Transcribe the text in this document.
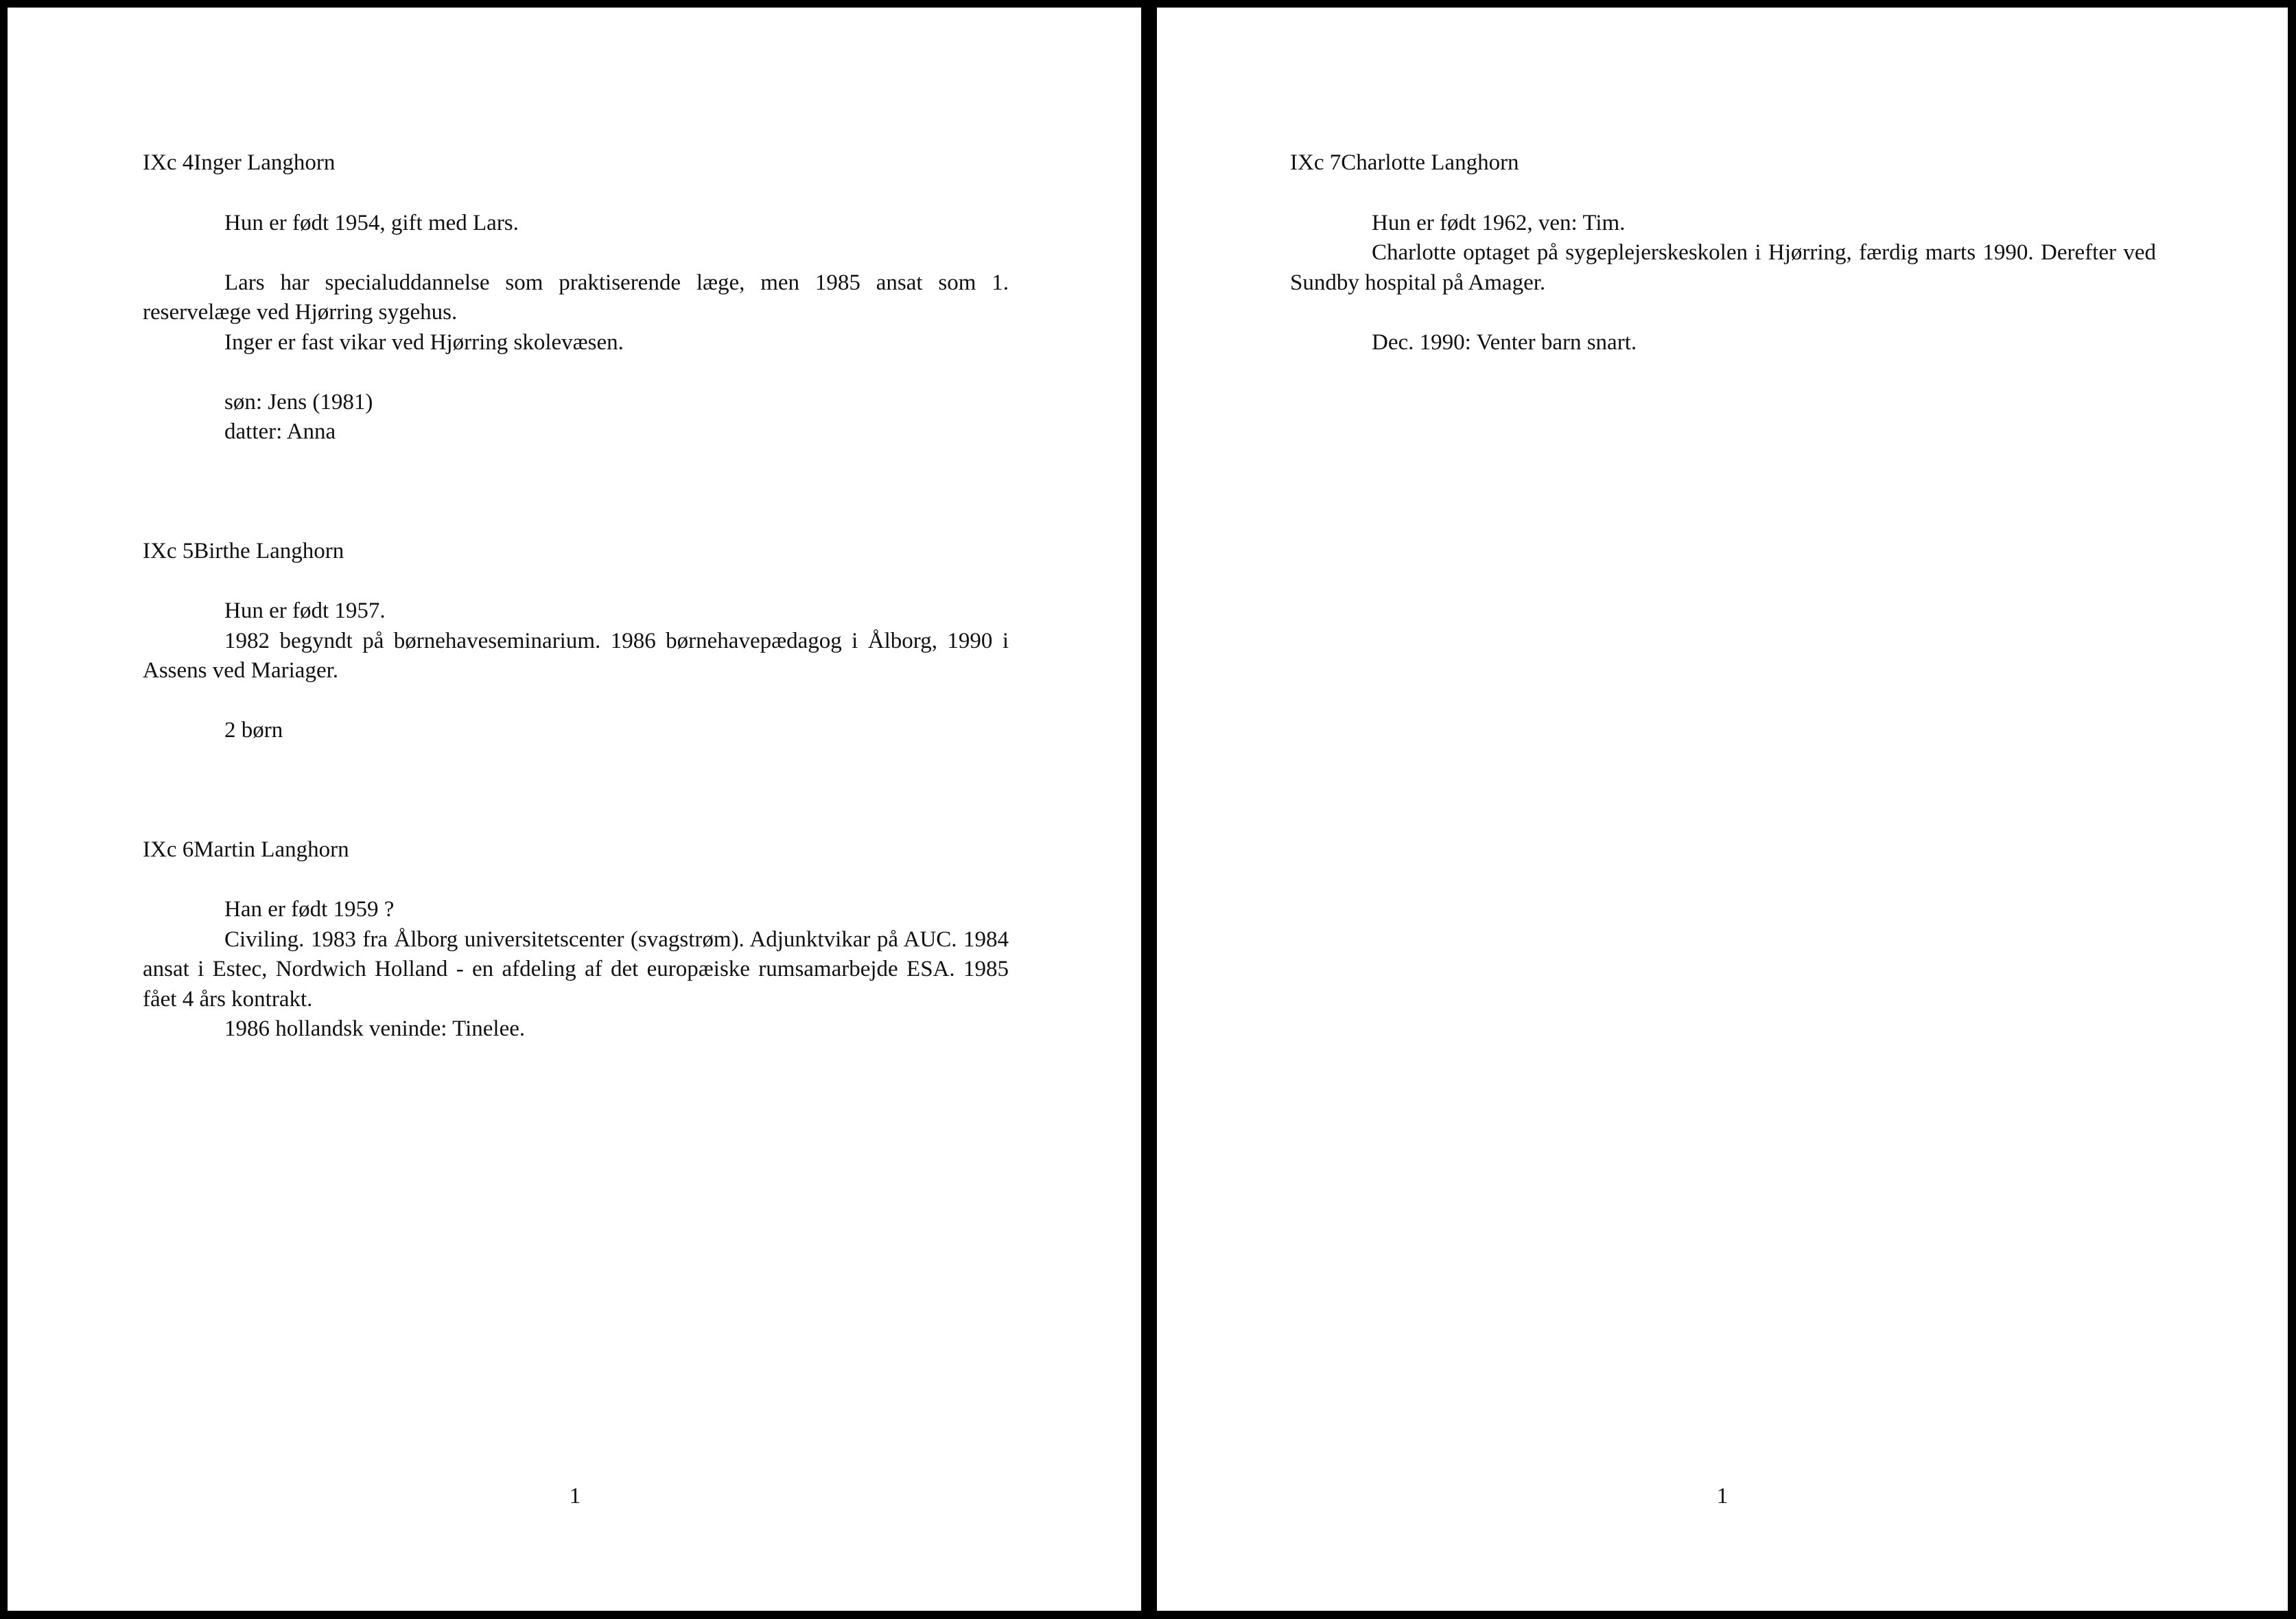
IXc 4Inger Langhorn

Hun er født 1954, gift med Lars.

Lars har specialuddannelse som praktiserende læge, men 1985 ansat som 1. reservelæge ved Hjørring sygehus.

Inger er fast vikar ved Hjørring skolevæsen.

søn: Jens (1981)

datter: Anna

IXc 5Birthe Langhorn

Hun er født 1957.

1982 begyndt på børnehaveseminarium. 1986 børnehavepædagog i Ålborg, 1990 i Assens ved Mariager.

2 børn

IXc 6Martin Langhorn

Han er født 1959 ?

Civiling. 1983 fra Ålborg universitetscenter (svagstrøm). Adjunktvikar på AUC. 1984 ansat i Estec, Nordwich Holland - en afdeling af det europæiske rumsamarbejde ESA. 1985 fået 4 års kontrakt.

1986 hollandsk veninde: Tinelee.

1
IXc 7Charlotte Langhorn

Hun er født 1962, ven: Tim.

Charlotte optaget på sygeplejerskeskolen i Hjørring, færdig marts 1990. Derefter ved Sundby hospital på Amager.

Dec. 1990: Venter barn snart.

1
